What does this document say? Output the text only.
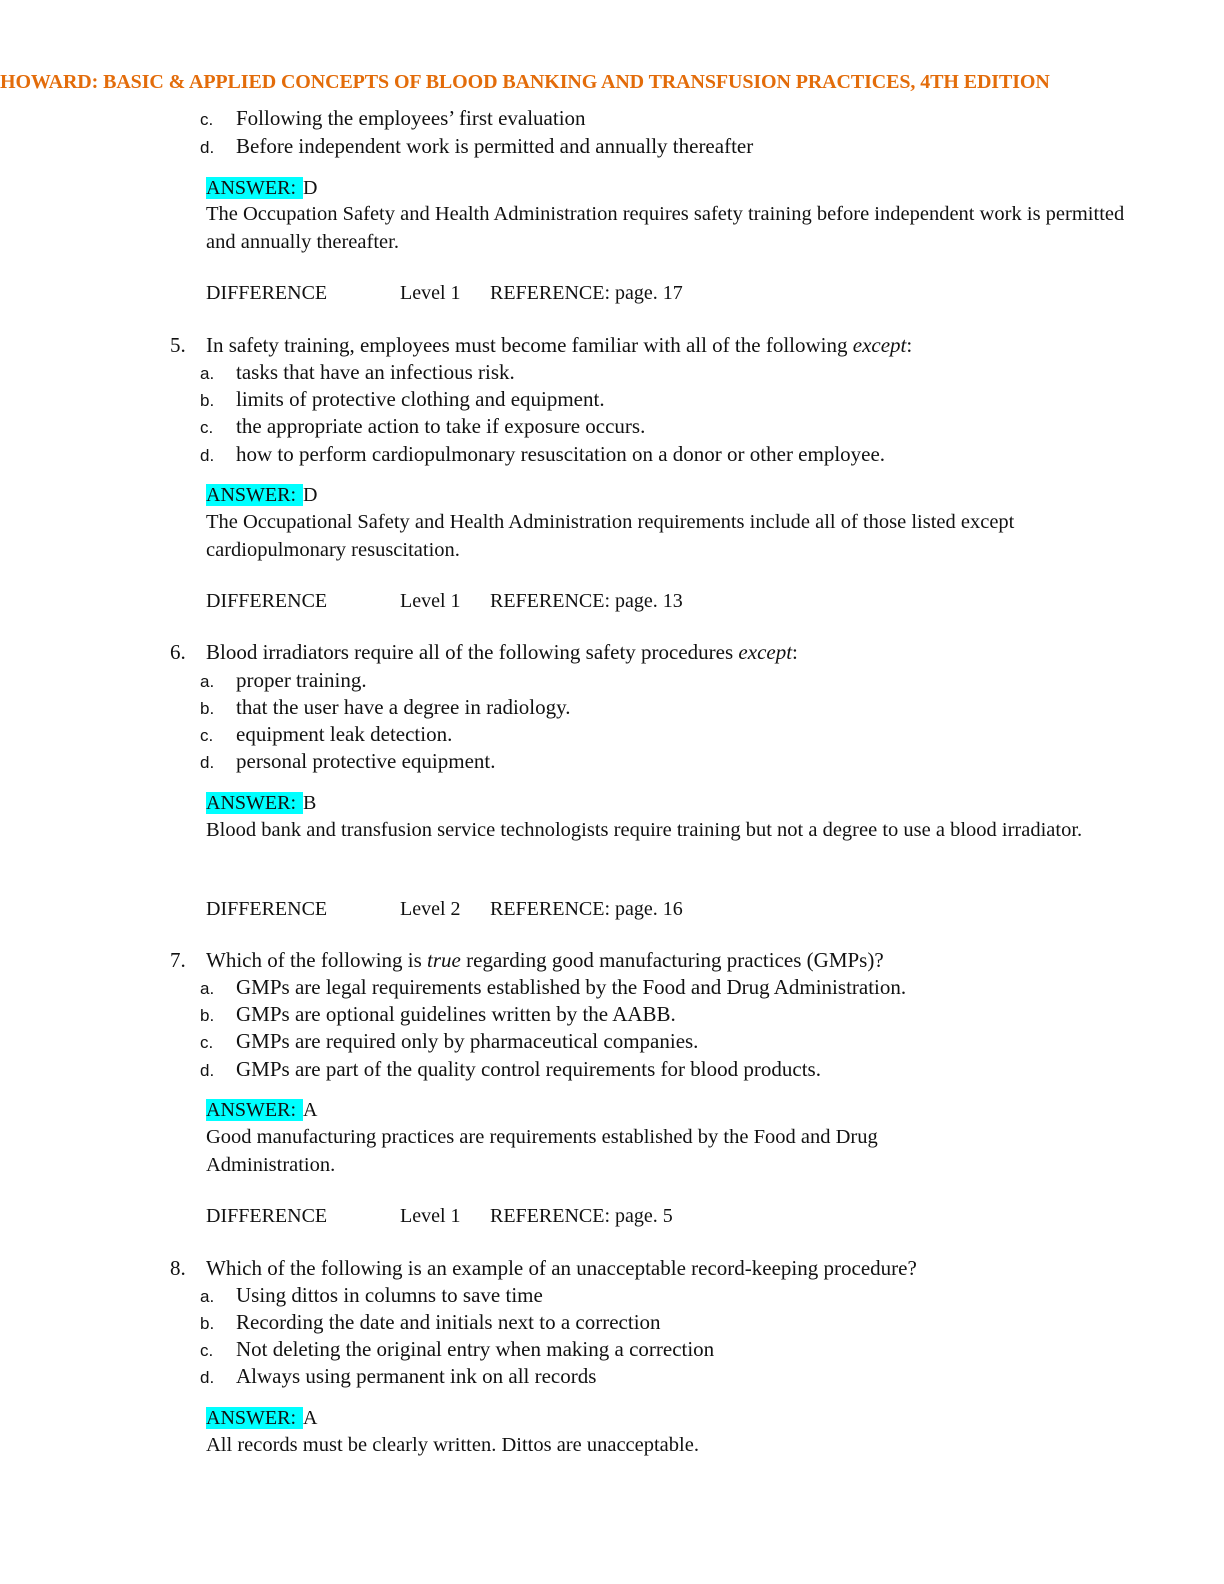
HOWARD: BASIC & APPLIED CONCEPTS OF BLOOD BANKING AND TRANSFUSION PRACTICES, 4TH EDITION
c. Following the employees’ first evaluation
d. Before independent work is permitted and annually thereafter
ANSWER: D
The Occupation Safety and Health Administration requires safety training before independent work is permitted and annually thereafter.
DIFFERENCE	Level 1 REFERENCE: page. 17
5. In safety training, employees must become familiar with all of the following except:
a. tasks that have an infectious risk.
b. limits of protective clothing and equipment.
c. the appropriate action to take if exposure occurs.
d. how to perform cardiopulmonary resuscitation on a donor or other employee.
ANSWER: D
The Occupational Safety and Health Administration requirements include all of those listed except cardiopulmonary resuscitation.
DIFFERENCE	Level 1 REFERENCE: page. 13
6. Blood irradiators require all of the following safety procedures except:
a. proper training.
b. that the user have a degree in radiology.
c. equipment leak detection.
d. personal protective equipment.
ANSWER: B
Blood bank and transfusion service technologists require training but not a degree to use a blood irradiator.
DIFFERENCE	Level 2 REFERENCE: page. 16
7. Which of the following is true regarding good manufacturing practices (GMPs)?
a. GMPs are legal requirements established by the Food and Drug Administration.
b. GMPs are optional guidelines written by the AABB.
c. GMPs are required only by pharmaceutical companies.
d. GMPs are part of the quality control requirements for blood products.
ANSWER: A
Good manufacturing practices are requirements established by the Food and Drug Administration.
DIFFERENCE	Level 1 REFERENCE: page. 5
8. Which of the following is an example of an unacceptable record-keeping procedure?
a. Using dittos in columns to save time
b. Recording the date and initials next to a correction
c. Not deleting the original entry when making a correction
d. Always using permanent ink on all records
ANSWER: A
All records must be clearly written. Dittos are unacceptable.
